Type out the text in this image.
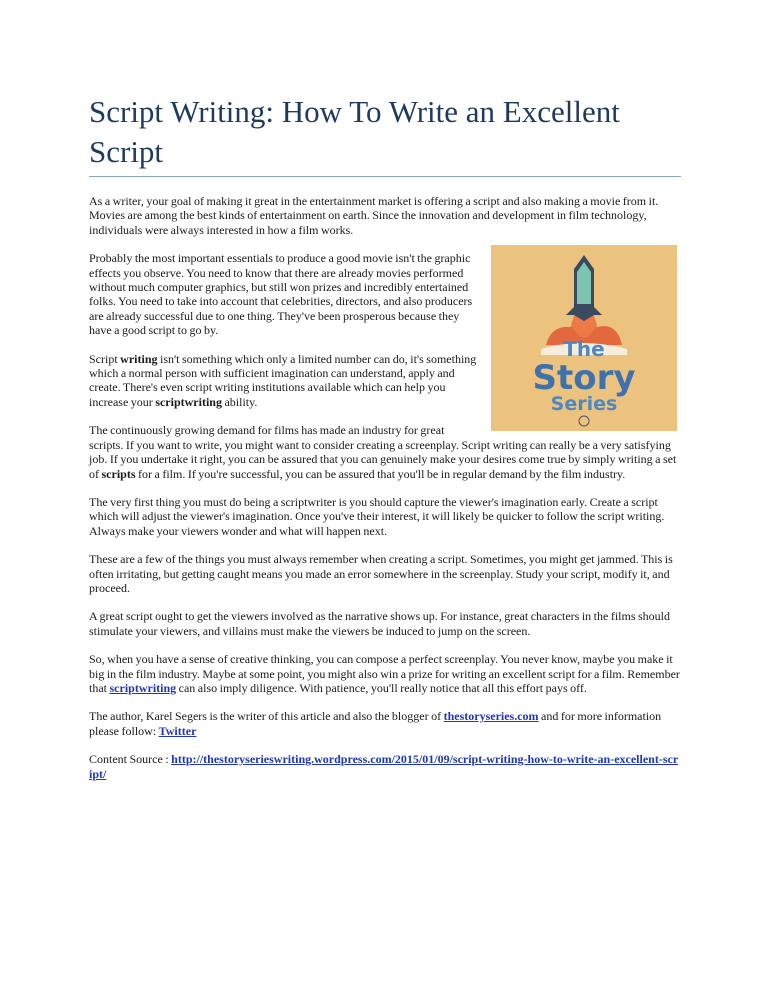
Script Writing: How To Write an Excellent Script

As a writer, your goal of making it great in the entertainment market is offering a script and also making a movie from it. Movies are among the best kinds of entertainment on earth. Since the innovation and development in film technology, individuals were always interested in how a film works.

The
Story
Series

Probably the most important essentials to produce a good movie isn't the graphic effects you observe. You need to know that there are already movies performed without much computer graphics, but still won prizes and incredibly entertained folks. You need to take into account that celebrities, directors, and also producers are already successful due to one thing. They've been prosperous because they have a good script to go by.

Script writing isn't something which only a limited number can do, it's something which a normal person with sufficient imagination can understand, apply and create. There's even script writing institutions available which can help you increase your scriptwriting ability.

The continuously growing demand for films has made an industry for great scripts. If you want to write, you might want to consider creating a screenplay. Script writing can really be a very satisfying job. If you undertake it right, you can be assured that you can genuinely make your desires come true by simply writing a set of scripts for a film. If you're successful, you can be assured that you'll be in regular demand by the film industry.

The very first thing you must do being a scriptwriter is you should capture the viewer's imagination early. Create a script which will adjust the viewer's imagination. Once you've their interest, it will likely be quicker to follow the script writing. Always make your viewers wonder and what will happen next.

These are a few of the things you must always remember when creating a script. Sometimes, you might get jammed. This is often irritating, but getting caught means you made an error somewhere in the screenplay. Study your script, modify it, and proceed.

A great script ought to get the viewers involved as the narrative shows up. For instance, great characters in the films should stimulate your viewers, and villains must make the viewers be induced to jump on the screen.

So, when you have a sense of creative thinking, you can compose a perfect screenplay. You never know, maybe you make it big in the film industry. Maybe at some point, you might also win a prize for writing an excellent script for a film. Remember that scriptwriting can also imply diligence. With patience, you'll really notice that all this effort pays off.

The author, Karel Segers is the writer of this article and also the blogger of thestoryseries.com and for more information please follow: Twitter

Content Source : http://thestoryserieswriting.wordpress.com/2015/01/09/script-writing-how-to-write-an-excellent-script/
